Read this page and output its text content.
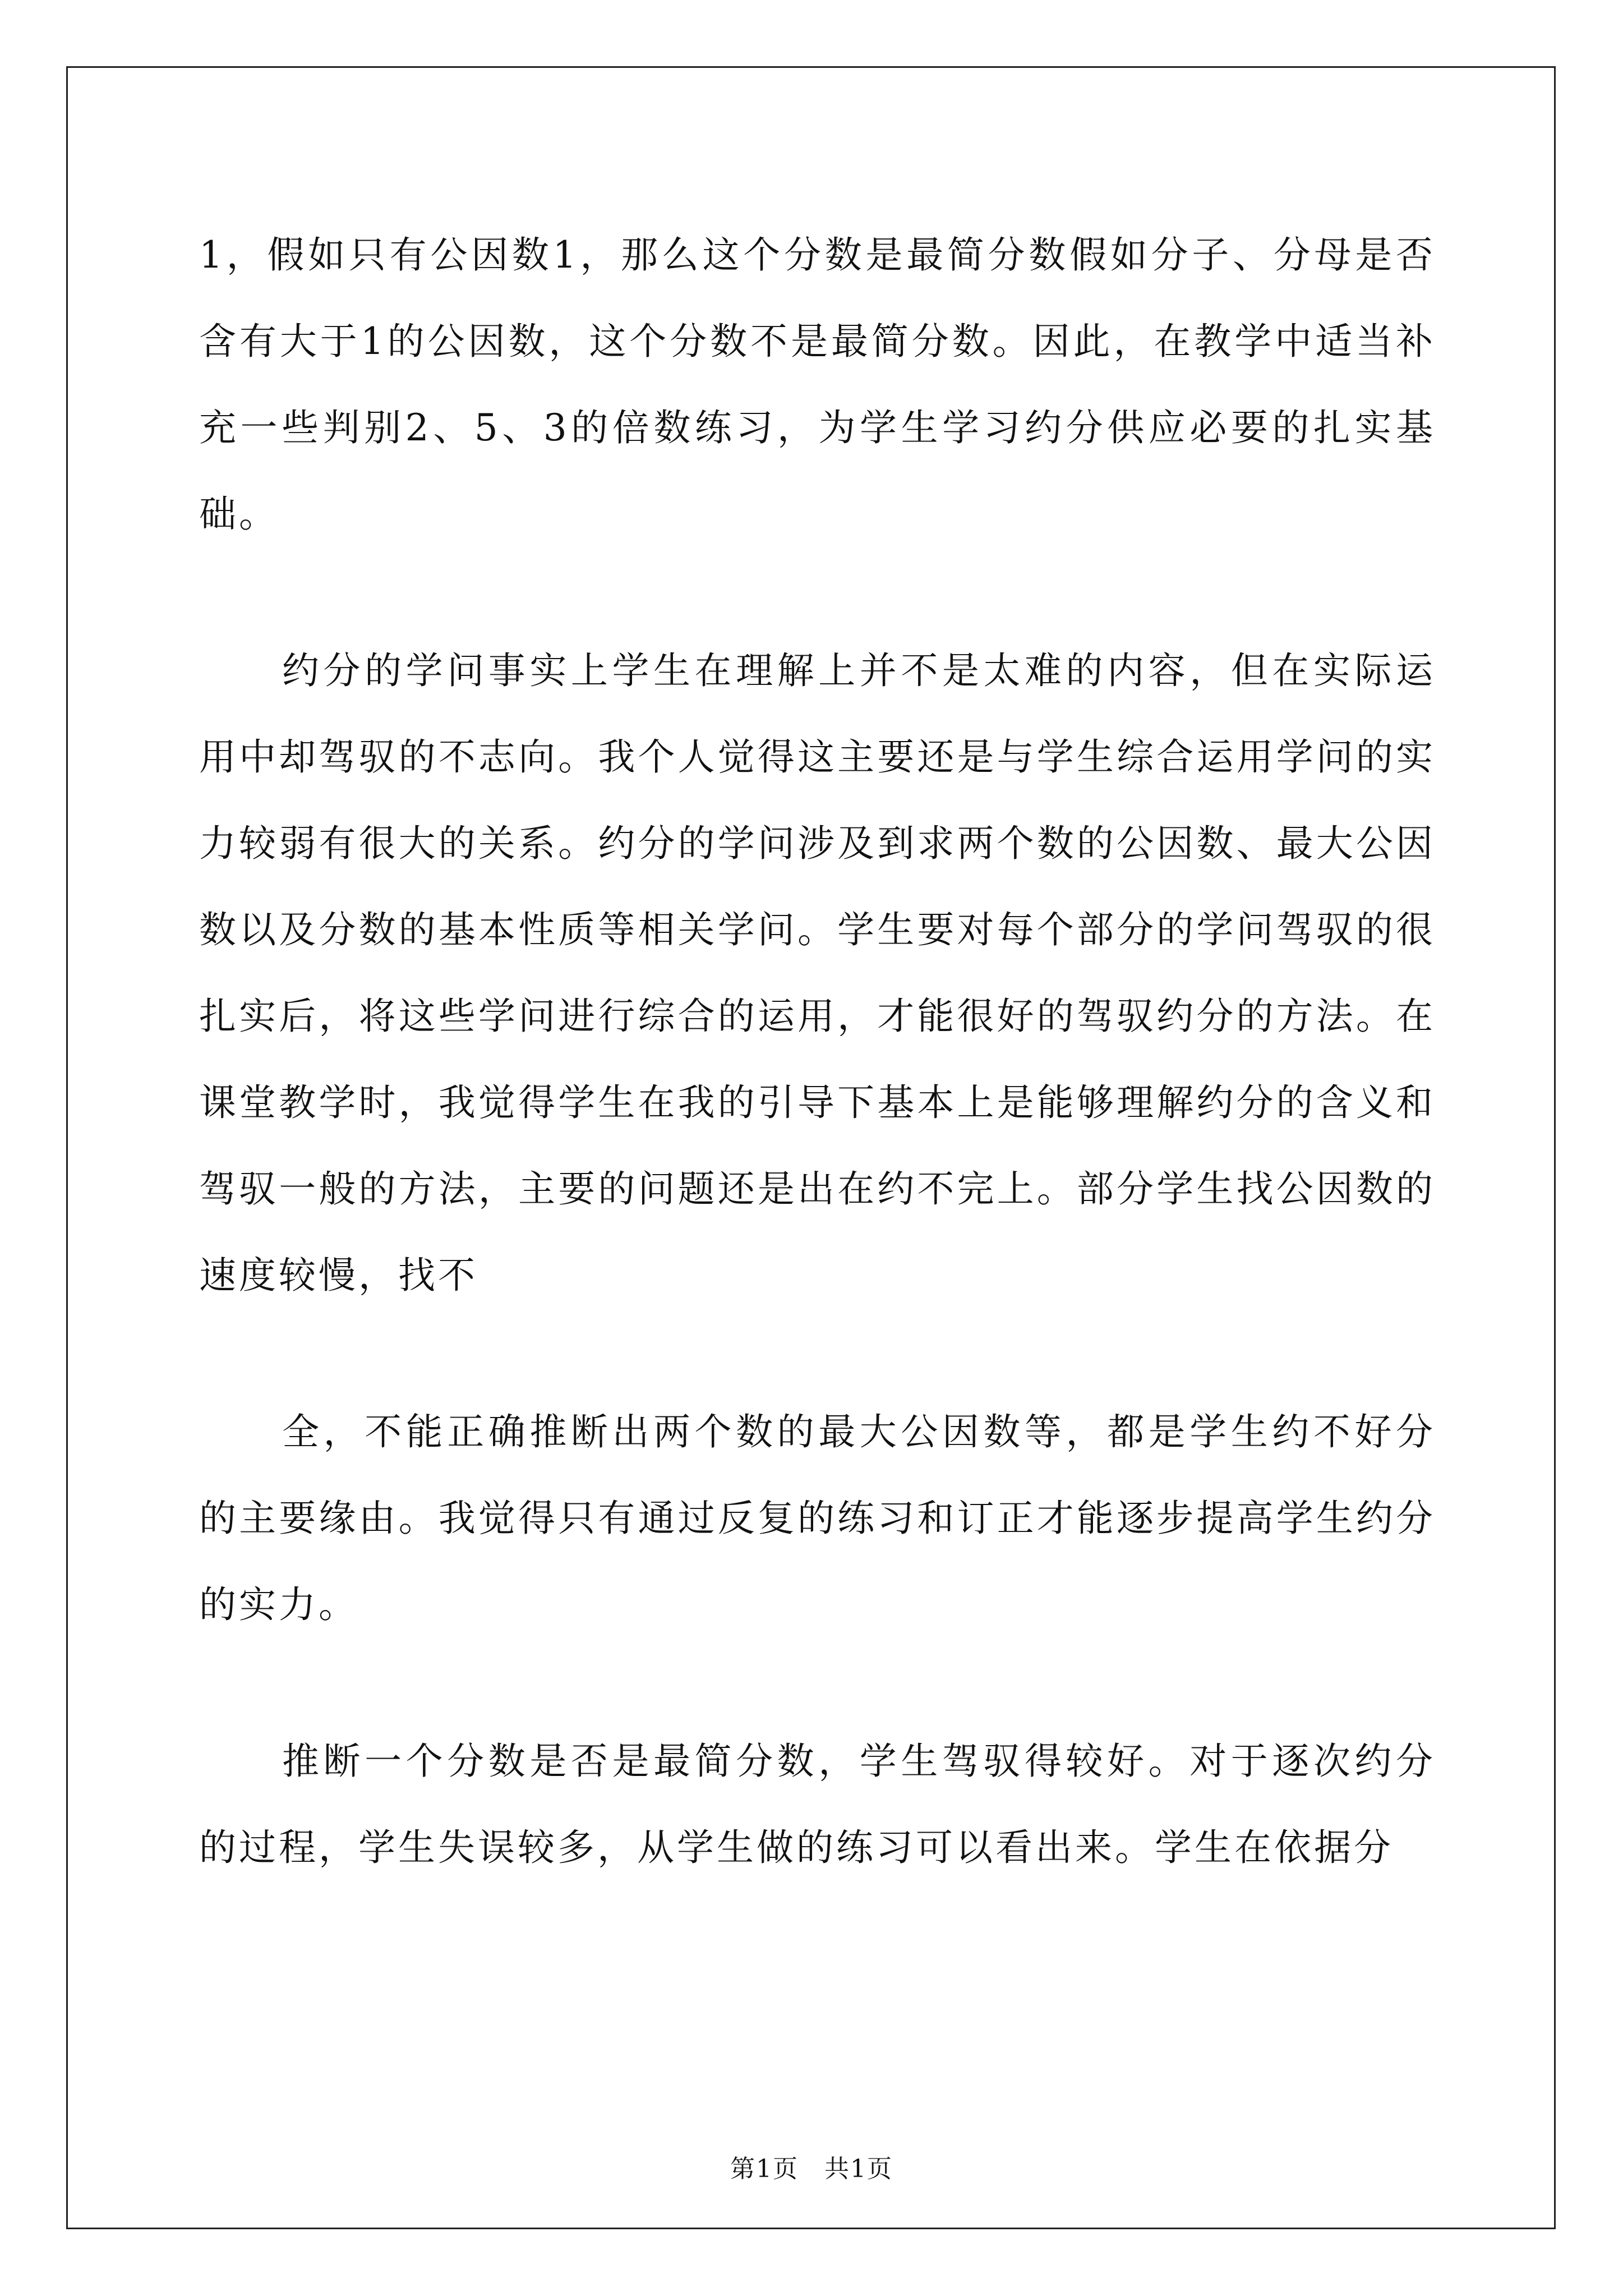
1，假如只有公因数1，那么这个分数是最简分数假如分子、分母是否含有大于1的公因数，这个分数不是最简分数。因此，在教学中适当补充一些判别2、5、3的倍数练习，为学生学习约分供应必要的扎实基础。

约分的学问事实上学生在理解上并不是太难的内容，但在实际运用中却驾驭的不志向。我个人觉得这主要还是与学生综合运用学问的实力较弱有很大的关系。约分的学问涉及到求两个数的公因数、最大公因数以及分数的基本性质等相关学问。学生要对每个部分的学问驾驭的很扎实后，将这些学问进行综合的运用，才能很好的驾驭约分的方法。在课堂教学时，我觉得学生在我的引导下基本上是能够理解约分的含义和驾驭一般的方法，主要的问题还是出在约不完上。部分学生找公因数的速度较慢，找不

全，不能正确推断出两个数的最大公因数等，都是学生约不好分的主要缘由。我觉得只有通过反复的练习和订正才能逐步提高学生约分的实力。

推断一个分数是否是最简分数，学生驾驭得较好。对于逐次约分的过程，学生失误较多，从学生做的练习可以看出来。学生在依据分

第1页　共1页
